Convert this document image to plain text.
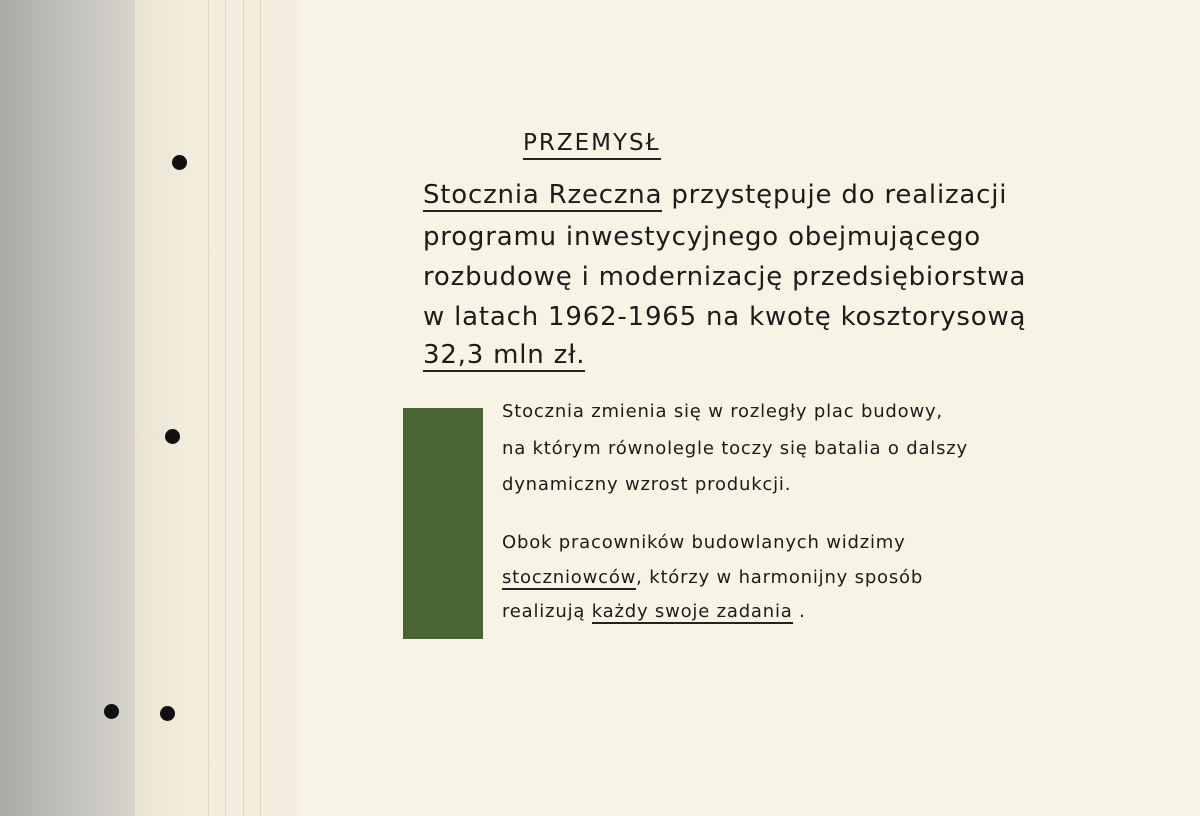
PRZEMYSŁ
Stocznia Rzeczna przystępuje do realizacji
programu inwestycyjnego obejmującego
rozbudowę i modernizację przedsiębiorstwa
w latach 1962-1965 na kwotę kosztorysową
32,3 mln zł.
Stocznia zmienia się w rozległy plac budowy,
na którym równolegle toczy się batalia o dalszy
dynamiczny wzrost produkcji.
Obok pracowników budowlanych widzimy
stoczniowców, którzy w harmonijny sposób
realizują każdy swoje zadania .
